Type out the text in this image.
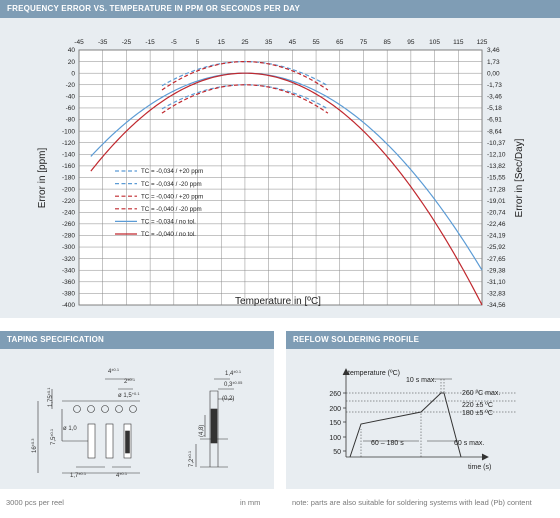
FREQUENCY ERROR VS. TEMPERATURE IN PPM OR SECONDS PER DAY
-45 -35 -25 -15 -5	5	15	25	35	45	55	65	75	85	95 105 115 125
40	3,46
20	1,73
0	0,00
-20	-1,73
-40	-3,46
-60	-5,18
-80	-6,91
-100	-8,64
-120	-10,37
-140	-12,10
-160	-13,82
-180	-15,55
-200	-17,28
-220	-19,01
-240	-20,74
-260	-22,46
-280	-24,19
-300	-25,92
-320	-27,65
-340	-29,38
-360	-31,10
-380	-32,83
-400	-34,56
TC = -0,034 / +20 ppm
TC = -0,034 / -20 ppm
TC = -0,040 / +20 ppm
TC = -0,040 / -20 ppm
TC = -0,034 / no tol.
TC = -0,040 / no tol.
Temperature in [ºC]
Error in [ppm]	Error in [Sec/Day]
TAPING SPECIFICATION
$4^{\pm 0.1}$
$2^{\pm 0.1}$
ø $1,5^{+0.1}$
$1,75^{\pm 0.1}$
$7,5^{\pm 0.1}$
$16^{\pm 0.3}$
ø 1,0
$1,7^{\pm 0.1}$	$4^{\pm 0.1}$
$1,4^{\pm 0.1}$
$0,3^{\pm 0.05}$
(0,2)
$7,2^{\pm 0.1}$
(4,8)
3000 pcs per reel	in mm
REFLOW SOLDERING PROFILE
temperature (ºC)
time (s)
260
200
150
100
50
10 s max.
260 ºC max.
220 ±5 ºC
180 ±5 ºC
60 – 180 s	60 s max.
note: parts are also suitable for soldering systems with lead (Pb) content
